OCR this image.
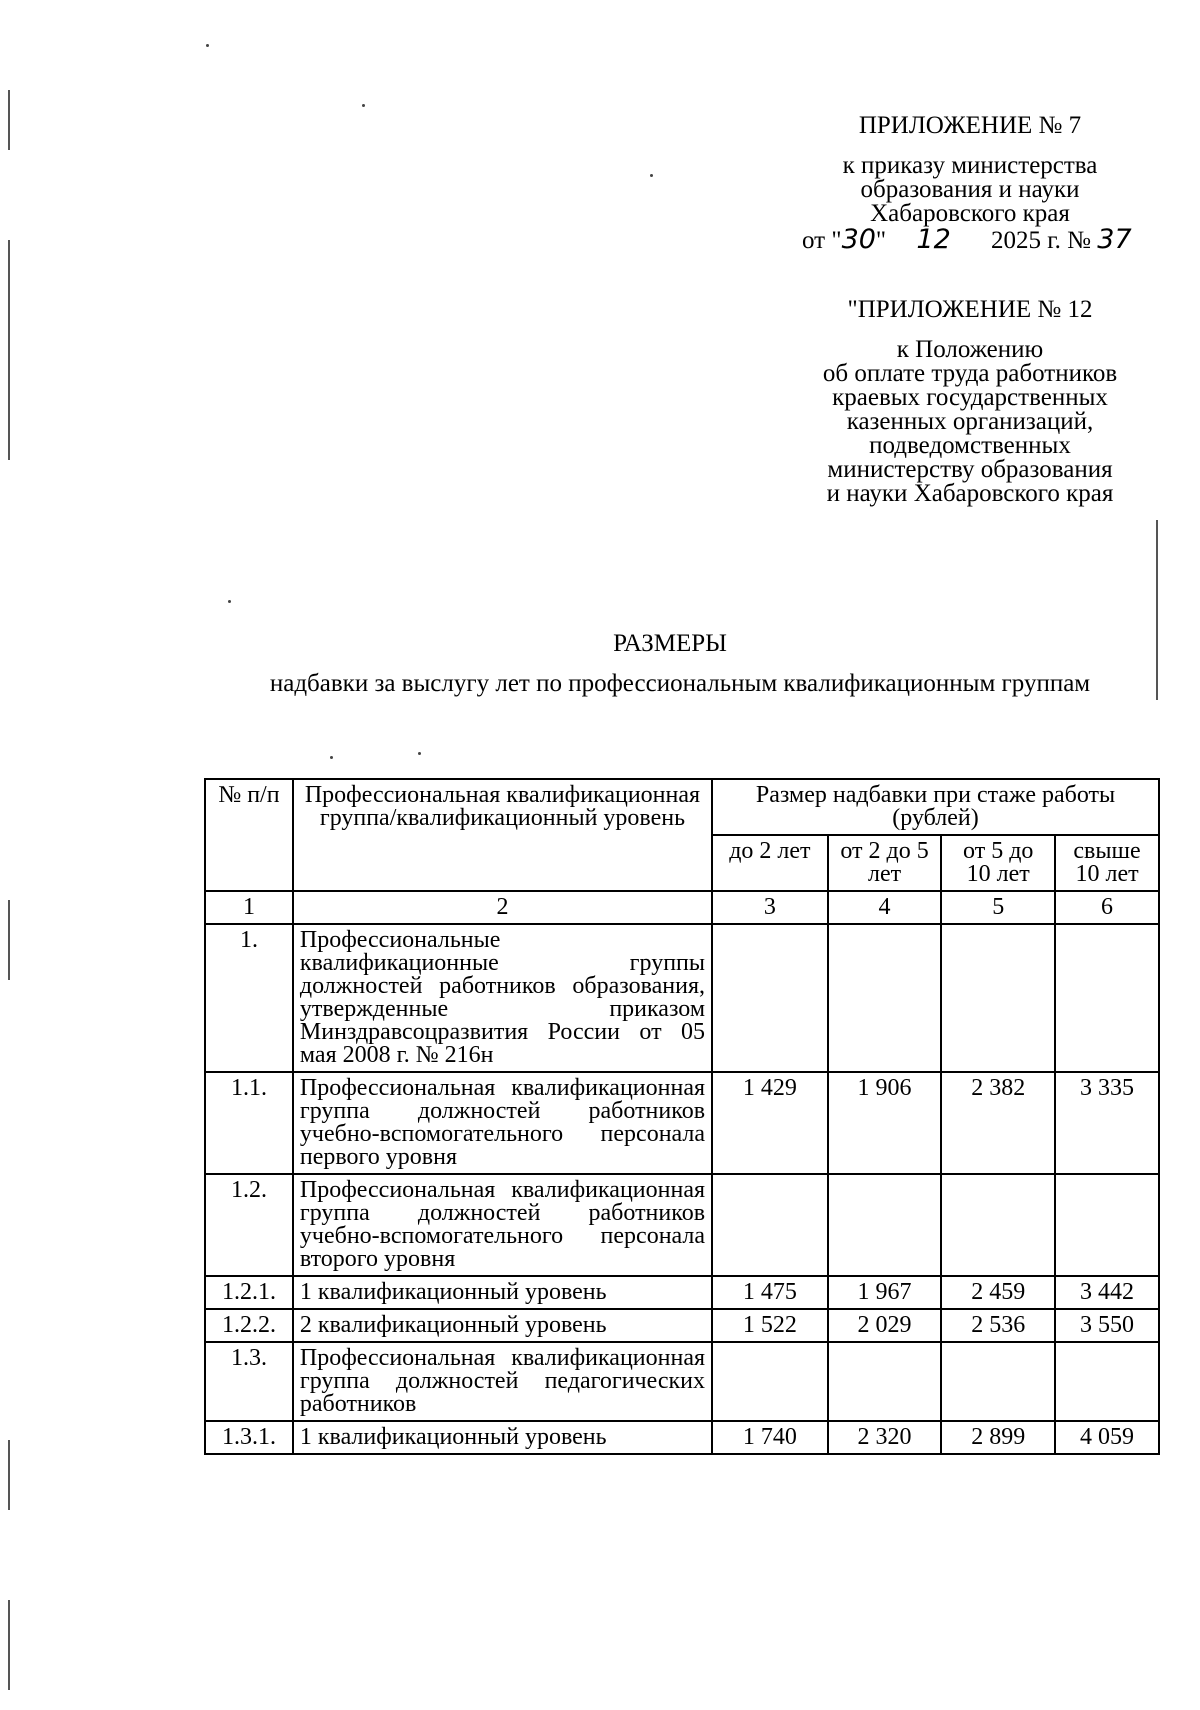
ПРИЛОЖЕНИЕ № 7
к приказу министерства
образования и науки
Хабаровского края
от "30" 12 2025 г. № 37
"ПРИЛОЖЕНИЕ № 12
к Положению
об оплате труда работников
краевых государственных
казенных организаций,
подведомственных
министерству образования
и науки Хабаровского края
РАЗМЕРЫ
надбавки за выслугу лет по профессиональным квалификационным группам
№ п/п	Профессиональная квалификационная группа/квалификационный уровень	Размер надбавки при стаже работы (рублей)			
		до 2 лет	от 2 до 5 лет	от 5 до 10 лет	свыше 10 лет
1	2	3	4	5	6
1.	Профессиональные квалификационные группы должностей работников образования, утвержденные приказом Минздравсоцразвития России от 05 мая 2008 г. № 216н				
1.1.	Профессиональная квалификационная группа должностей работников учебно-вспомогательного персонала первого уровня	1 429	1 906	2 382	3 335
1.2.	Профессиональная квалификационная группа должностей работников учебно-вспомогательного персонала второго уровня				
1.2.1.	1 квалификационный уровень	1 475	1 967	2 459	3 442
1.2.2.	2 квалификационный уровень	1 522	2 029	2 536	3 550
1.3.	Профессиональная квалификационная группа должностей педагогических работников				
1.3.1.	1 квалификационный уровень	1 740	2 320	2 899	4 059
